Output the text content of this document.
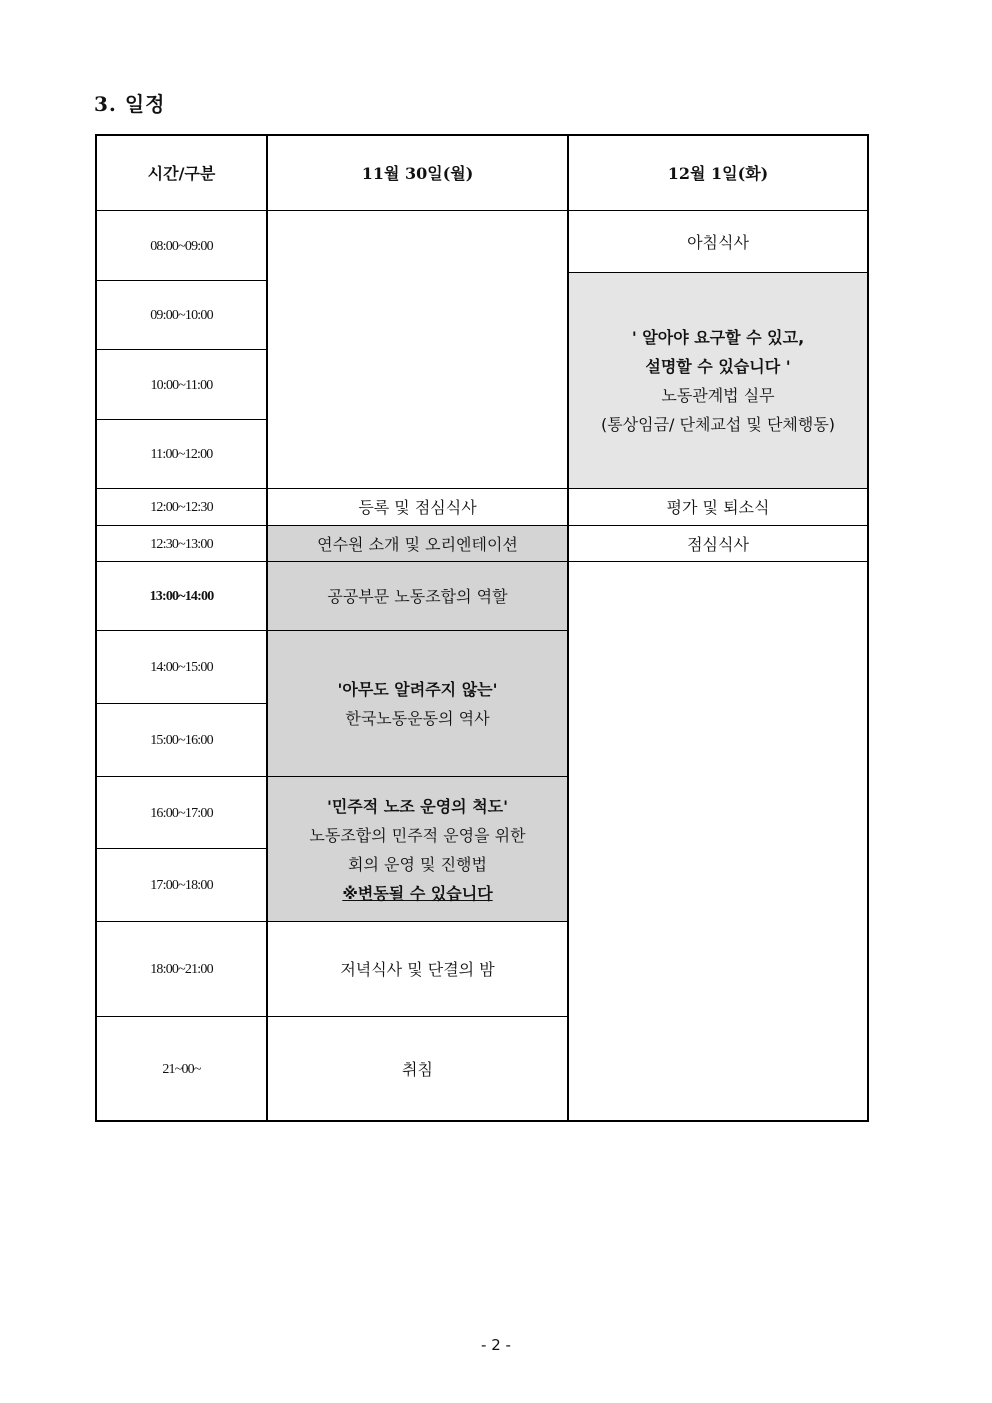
3. 일정
시간/구분	11월 30일(월)	12월 1일(화)
08:00~09:00
09:00~10:00
10:00~11:00
11:00~12:00
12:00~12:30
12:30~13:00
13:00~14:00
14:00~15:00
15:00~16:00
16:00~17:00
17:00~18:00
18:00~21:00
21~00~
등록 및 점심식사
연수원 소개 및 오리엔테이션
공공부문 노동조합의 역할
'아무도 알려주지 않는'
한국노동운동의 역사
'민주적 노조 운영의 척도'
노동조합의 민주적 운영을 위한
회의 운영 및 진행법
※변동될 수 있습니다
저녁식사 및 단결의 밤
취침
아침식사
' 알아야 요구할 수 있고,
설명할 수 있습니다 '
노동관계법 실무
(통상임금/ 단체교섭 및 단체행동)
평가 및 퇴소식
점심식사
- 2 -
